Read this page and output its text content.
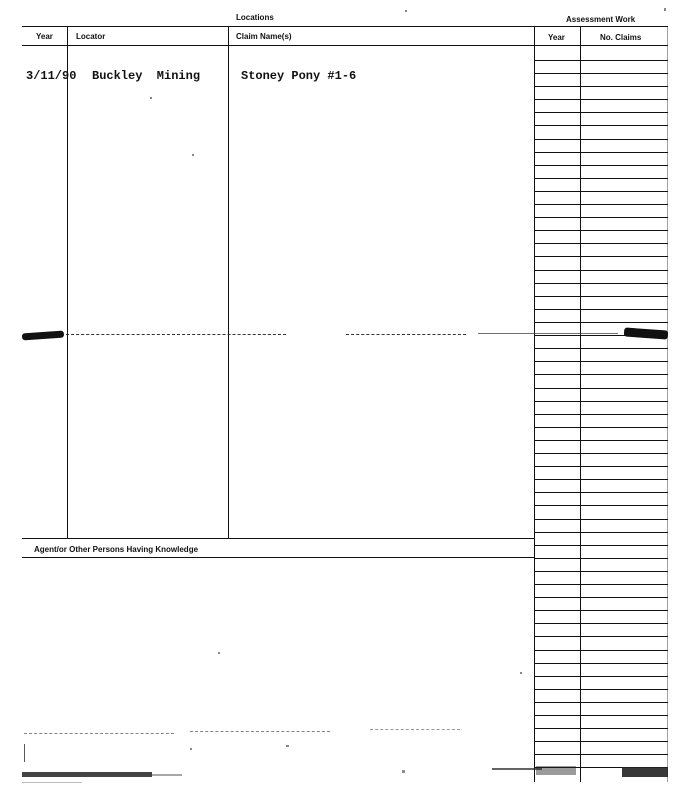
Locations	Assessment Work
Year	Locator	Claim Name(s)	Year	No. Claims
3/11/90 Buckley  Mining	Stoney Pony #1-6
Agent/or Other Persons Having Knowledge
